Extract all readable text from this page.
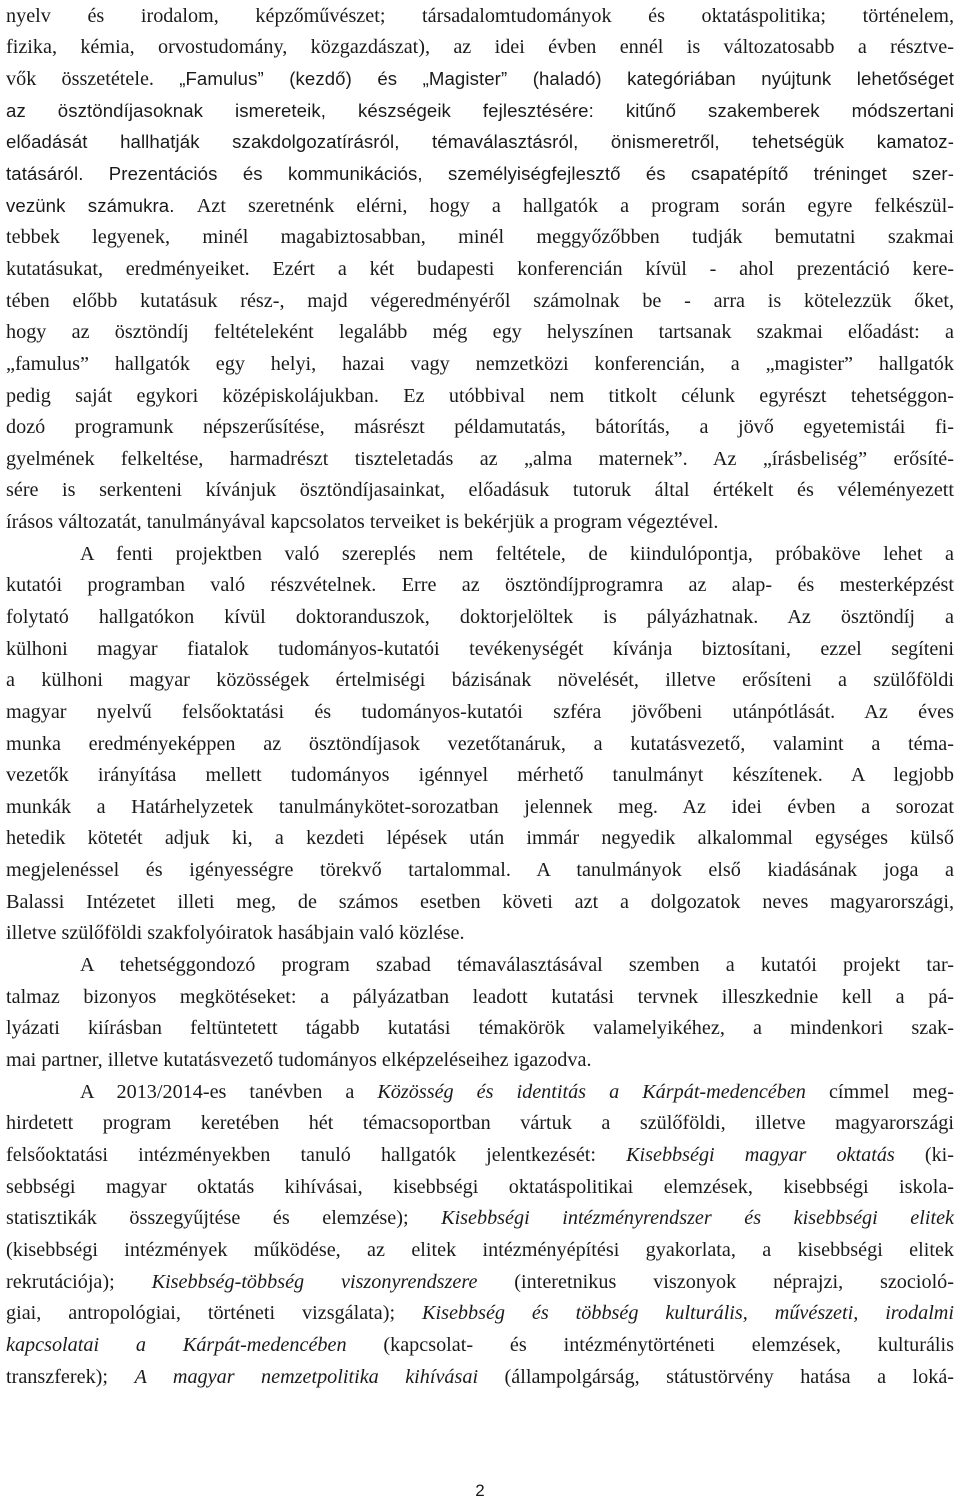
2
nyelv és irodalom, képzőművészet; társadalomtudományok és oktatáspolitika; történelem,
fizika, kémia, orvostudomány, közgazdászat), az idei évben ennél is változatosabb a résztve-
vők összetétele. „Famulus” (kezdő) és „Magister” (haladó) kategóriában nyújtunk lehetőséget
az ösztöndíjasoknak ismereteik, készségeik fejlesztésére: kitűnő szakemberek módszertani
előadását hallhatják szakdolgozatírásról, témaválasztásról, önismeretről, tehetségük kamatoz-
tatásáról. Prezentációs és kommunikációs, személyiségfejlesztő és csapatépítő tréninget szer-
vezünk számukra. Azt szeretnénk elérni, hogy a hallgatók a program során egyre felkészül-
tebbek legyenek, minél magabiztosabban, minél meggyőzőbben tudják bemutatni szakmai
kutatásukat, eredményeiket. Ezért a két budapesti konferencián kívül - ahol prezentáció kere-
tében előbb kutatásuk rész-, majd végeredményéről számolnak be - arra is kötelezzük őket,
hogy az ösztöndíj feltételeként legalább még egy helyszínen tartsanak szakmai előadást: a
„famulus” hallgatók egy helyi, hazai vagy nemzetközi konferencián, a „magister” hallgatók
pedig saját egykori középiskolájukban. Ez utóbbival nem titkolt célunk egyrészt tehetséggon-
dozó programunk népszerűsítése, másrészt példamutatás, bátorítás, a jövő egyetemistái fi-
gyelmének felkeltése, harmadrészt tiszteletadás az „alma maternek”. Az „írásbeliség” erősíté-
sére is serkenteni kívánjuk ösztöndíjasainkat, előadásuk tutoruk által értékelt és véleményezett
írásos változatát, tanulmányával kapcsolatos terveiket is bekérjük a program végeztével.
A fenti projektben való szereplés nem feltétele, de kiindulópontja, próbaköve lehet a
kutatói programban való részvételnek. Erre az ösztöndíjprogramra az alap- és mesterképzést
folytató hallgatókon kívül doktoranduszok, doktorjelöltek is pályázhatnak. Az ösztöndíj a
külhoni magyar fiatalok tudományos-kutatói tevékenységét kívánja biztosítani, ezzel segíteni
a külhoni magyar közösségek értelmiségi bázisának növelését, illetve erősíteni a szülőföldi
magyar nyelvű felsőoktatási és tudományos-kutatói szféra jövőbeni utánpótlását. Az éves
munka eredményeképpen az ösztöndíjasok vezetőtanáruk, a kutatásvezető, valamint a téma-
vezetők irányítása mellett tudományos igénnyel mérhető tanulmányt készítenek. A legjobb
munkák a Határhelyzetek tanulmánykötet-sorozatban jelennek meg. Az idei évben a sorozat
hetedik kötetét adjuk ki, a kezdeti lépések után immár negyedik alkalommal egységes külső
megjelenéssel és igényességre törekvő tartalommal. A tanulmányok első kiadásának joga a
Balassi Intézetet illeti meg, de számos esetben követi azt a dolgozatok neves magyarországi,
illetve szülőföldi szakfolyóiratok hasábjain való közlése.
A tehetséggondozó program szabad témaválasztásával szemben a kutatói projekt tar-
talmaz bizonyos megkötéseket: a pályázatban leadott kutatási tervnek illeszkednie kell a pá-
lyázati kiírásban feltüntetett tágabb kutatási témakörök valamelyikéhez, a mindenkori szak-
mai partner, illetve kutatásvezető tudományos elképzeléseihez igazodva.
A 2013/2014-es tanévben a Közösség és identitás a Kárpát-medencében címmel meg-
hirdetett program keretében hét témacsoportban vártuk a szülőföldi, illetve magyarországi
felsőoktatási intézményekben tanuló hallgatók jelentkezését: Kisebbségi magyar oktatás (ki-
sebbségi magyar oktatás kihívásai, kisebbségi oktatáspolitikai elemzések, kisebbségi iskola-
statisztikák összegyűjtése és elemzése); Kisebbségi intézményrendszer és kisebbségi elitek
(kisebbségi intézmények működése, az elitek intézményépítési gyakorlata, a kisebbségi elitek
rekrutációja); Kisebbség-többség viszonyrendszere (interetnikus viszonyok néprajzi, szocioló-
giai, antropológiai, történeti vizsgálata); Kisebbség és többség kulturális, művészeti, irodalmi
kapcsolatai a Kárpát-medencében (kapcsolat- és intézménytörténeti elemzések, kulturális
transzferek); A magyar nemzetpolitika kihívásai (állampolgárság, státustörvény hatása a loká-
